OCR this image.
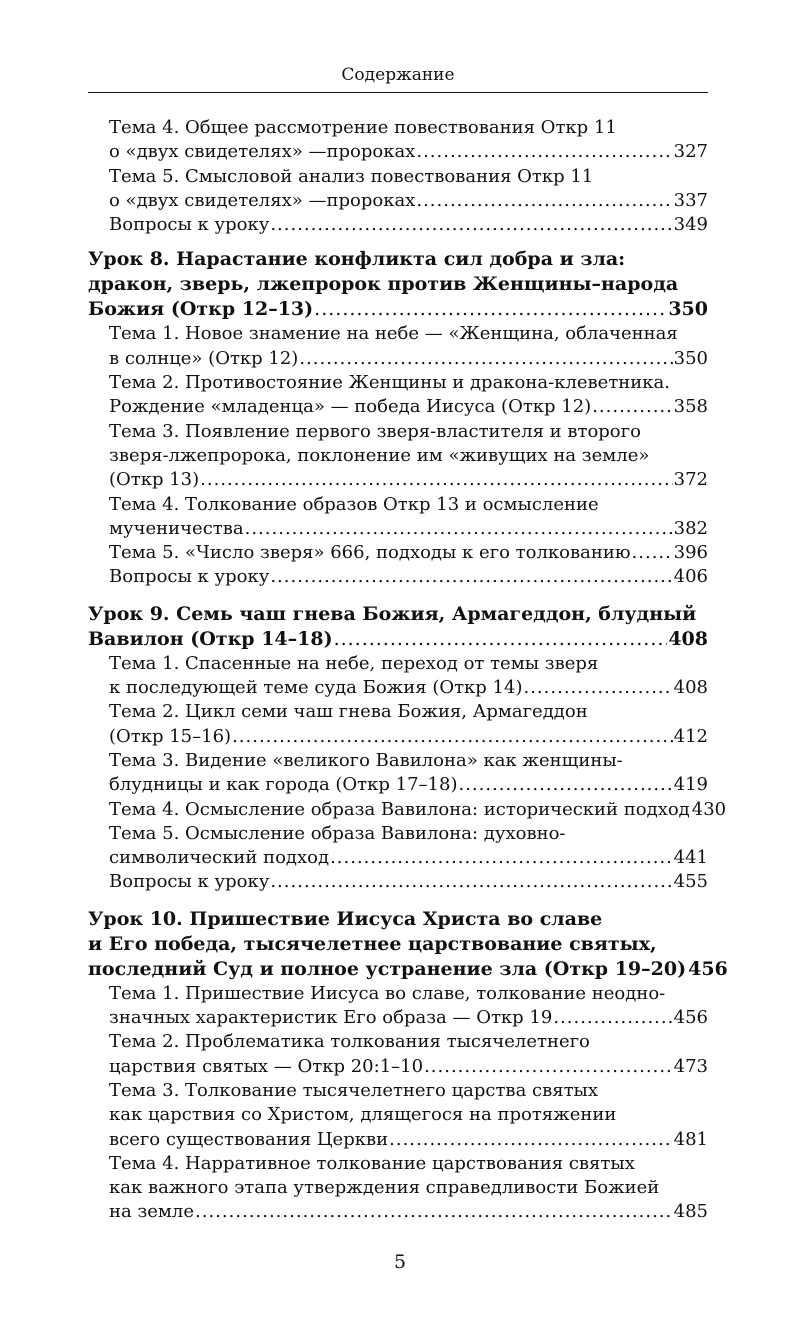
Содержание
Тема 4. Общее рассмотрение повествования Откр 11
о «двух свидетелях» —пророках .....	327
Тема 5. Смысловой анализ повествования Откр 11
о «двух свидетелях» —пророках .....	337
Вопросы к уроку .....	349
Урок 8. Нарастание конфликта сил добра и зла:
дракон, зверь, лжепророк против Женщины–народа
Божия (Откр 12–13) .....	350
Тема 1. Новое знамение на небе — «Женщина, облаченная
в солнце» (Откр 12) .....	350
Тема 2. Противостояние Женщины и дракона-клеветника.
Рождение «младенца» — победа Иисуса (Откр 12) .....	358
Тема 3. Появление первого зверя-властителя и второго
зверя-лжепророка, поклонение им «живущих на земле»
(Откр 13) .....	372
Тема 4. Толкование образов Откр 13 и осмысление
мученичества .....	382
Тема 5. «Число зверя» 666, подходы к его толкованию ..... 396
Вопросы к уроку .....	406
Урок 9. Семь чаш гнева Божия, Армагеддон, блудный
Вавилон (Откр 14–18) .....	408
Тема 1. Спасенные на небе, переход от темы зверя
к последующей теме суда Божия (Откр 14) .....	408
Тема 2. Цикл семи чаш гнева Божия, Армагеддон
(Откр 15–16) .....	412
Тема 3. Видение «великого Вавилона» как женщины-
блудницы и как города (Откр 17–18) .....	419
Тема 4. Осмысление образа Вавилона: исторический подход 430
Тема 5. Осмысление образа Вавилона: духовно-
символический подход .....	441
Вопросы к уроку .....	455
Урок 10. Пришествие Иисуса Христа во славе
и Его победа, тысячелетнее царствование святых,
последний Суд и полное устранение зла (Откр 19–20) 456
Тема 1. Пришествие Иисуса во славе, толкование неодно-
значных характеристик Его образа — Откр 19 .....	456
Тема 2. Проблематика толкования тысячелетнего
царствия святых — Откр 20:1–10 .....	473
Тема 3. Толкование тысячелетнего царства святых
как царствия со Христом, длящегося на протяжении
всего существования Церкви .....	481
Тема 4. Нарративное толкование царствования святых
как важного этапа утверждения справедливости Божией
на земле .....	485
5
